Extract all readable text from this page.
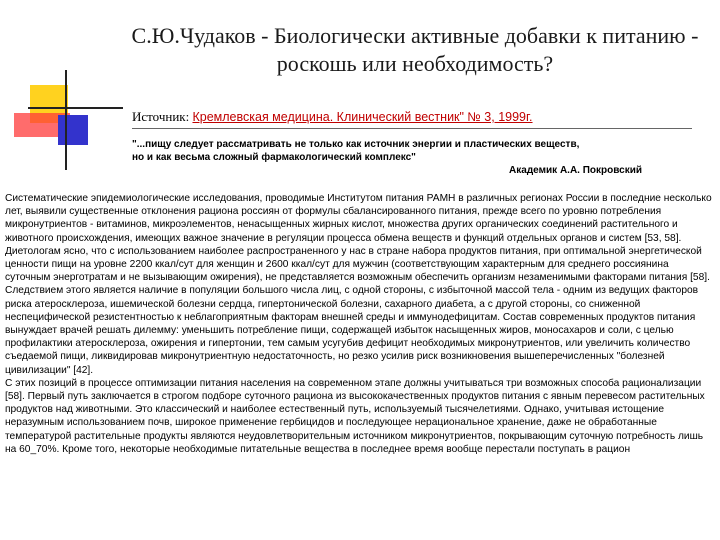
С.Ю.Чудаков - Биологически активные добавки к питанию - роскошь или необходимость?
Источник: Кремлевская медицина. Клинический вестник" № 3, 1999г.
"...пищу следует рассматривать не только как источник энергии и пластических веществ,
но и как весьма сложный фармакологический комплекс"
Академик А.А. Покровский

Систематические эпидемиологические исследования, проводимые Институтом питания РАМН в различных регионах России в последние несколько лет, выявили существенные отклонения рациона россиян от формулы сбалансированного питания, прежде всего по уровню потребления микронутриентов - витаминов, микроэлементов, ненасыщенных жирных кислот, множества других органических соединений растительного и животного происхождения, имеющих важное значение в регуляции процесса обмена веществ и функций отдельных органов и систем [53, 58].

Диетологам ясно, что с использованием наиболее распространенного у нас в стране набора продуктов питания, при оптимальной энергетической ценности пищи на уровне 2200 ккал/сут для женщин и 2600 ккал/сут для мужчин (соответствующим характерным для среднего россиянина суточным энерготратам и не вызывающим ожирения), не представляется возможным обеспечить организм незаменимыми факторами питания [58].

Следствием этого является наличие в популяции большого числа лиц, с одной стороны, с избыточной массой тела - одним из ведущих факторов риска атеросклероза, ишемической болезни сердца, гипертонической болезни, сахарного диабета, а с другой стороны, со сниженной неспецифической резистентностью к неблагоприятным факторам внешней среды и иммунодефицитам. Состав современных продуктов питания вынуждает врачей решать дилемму: уменьшить потребление пищи, содержащей избыток насыщенных жиров, моносахаров и соли, с целью профилактики атеросклероза, ожирения и гипертонии, тем самым усугубив дефицит необходимых микронутриентов, или увеличить количество съедаемой пищи, ликвидировав микронутриентную недостаточность, но резко усилив риск возникновения вышеперечисленных "болезней цивилизации" [42].

С этих позиций в процессе оптимизации питания населения на современном этапе должны учитываться три возможных способа рационализации [58]. Первый путь заключается в строгом подборе суточного рациона из высококачественных продуктов питания с явным перевесом растительных продуктов над животными. Это классический и наиболее естественный путь, используемый тысячелетиями. Однако, учитывая истощение неразумным использованием почв, широкое применение гербицидов и последующее нерациональное хранение, даже не обработанные температурой растительные продукты являются неудовлетворительным источником микронутриентов, покрывающим суточную потребность лишь на 60_70%. Кроме того, некоторые необходимые питательные вещества в последнее время вообще перестали поступать в рацион
